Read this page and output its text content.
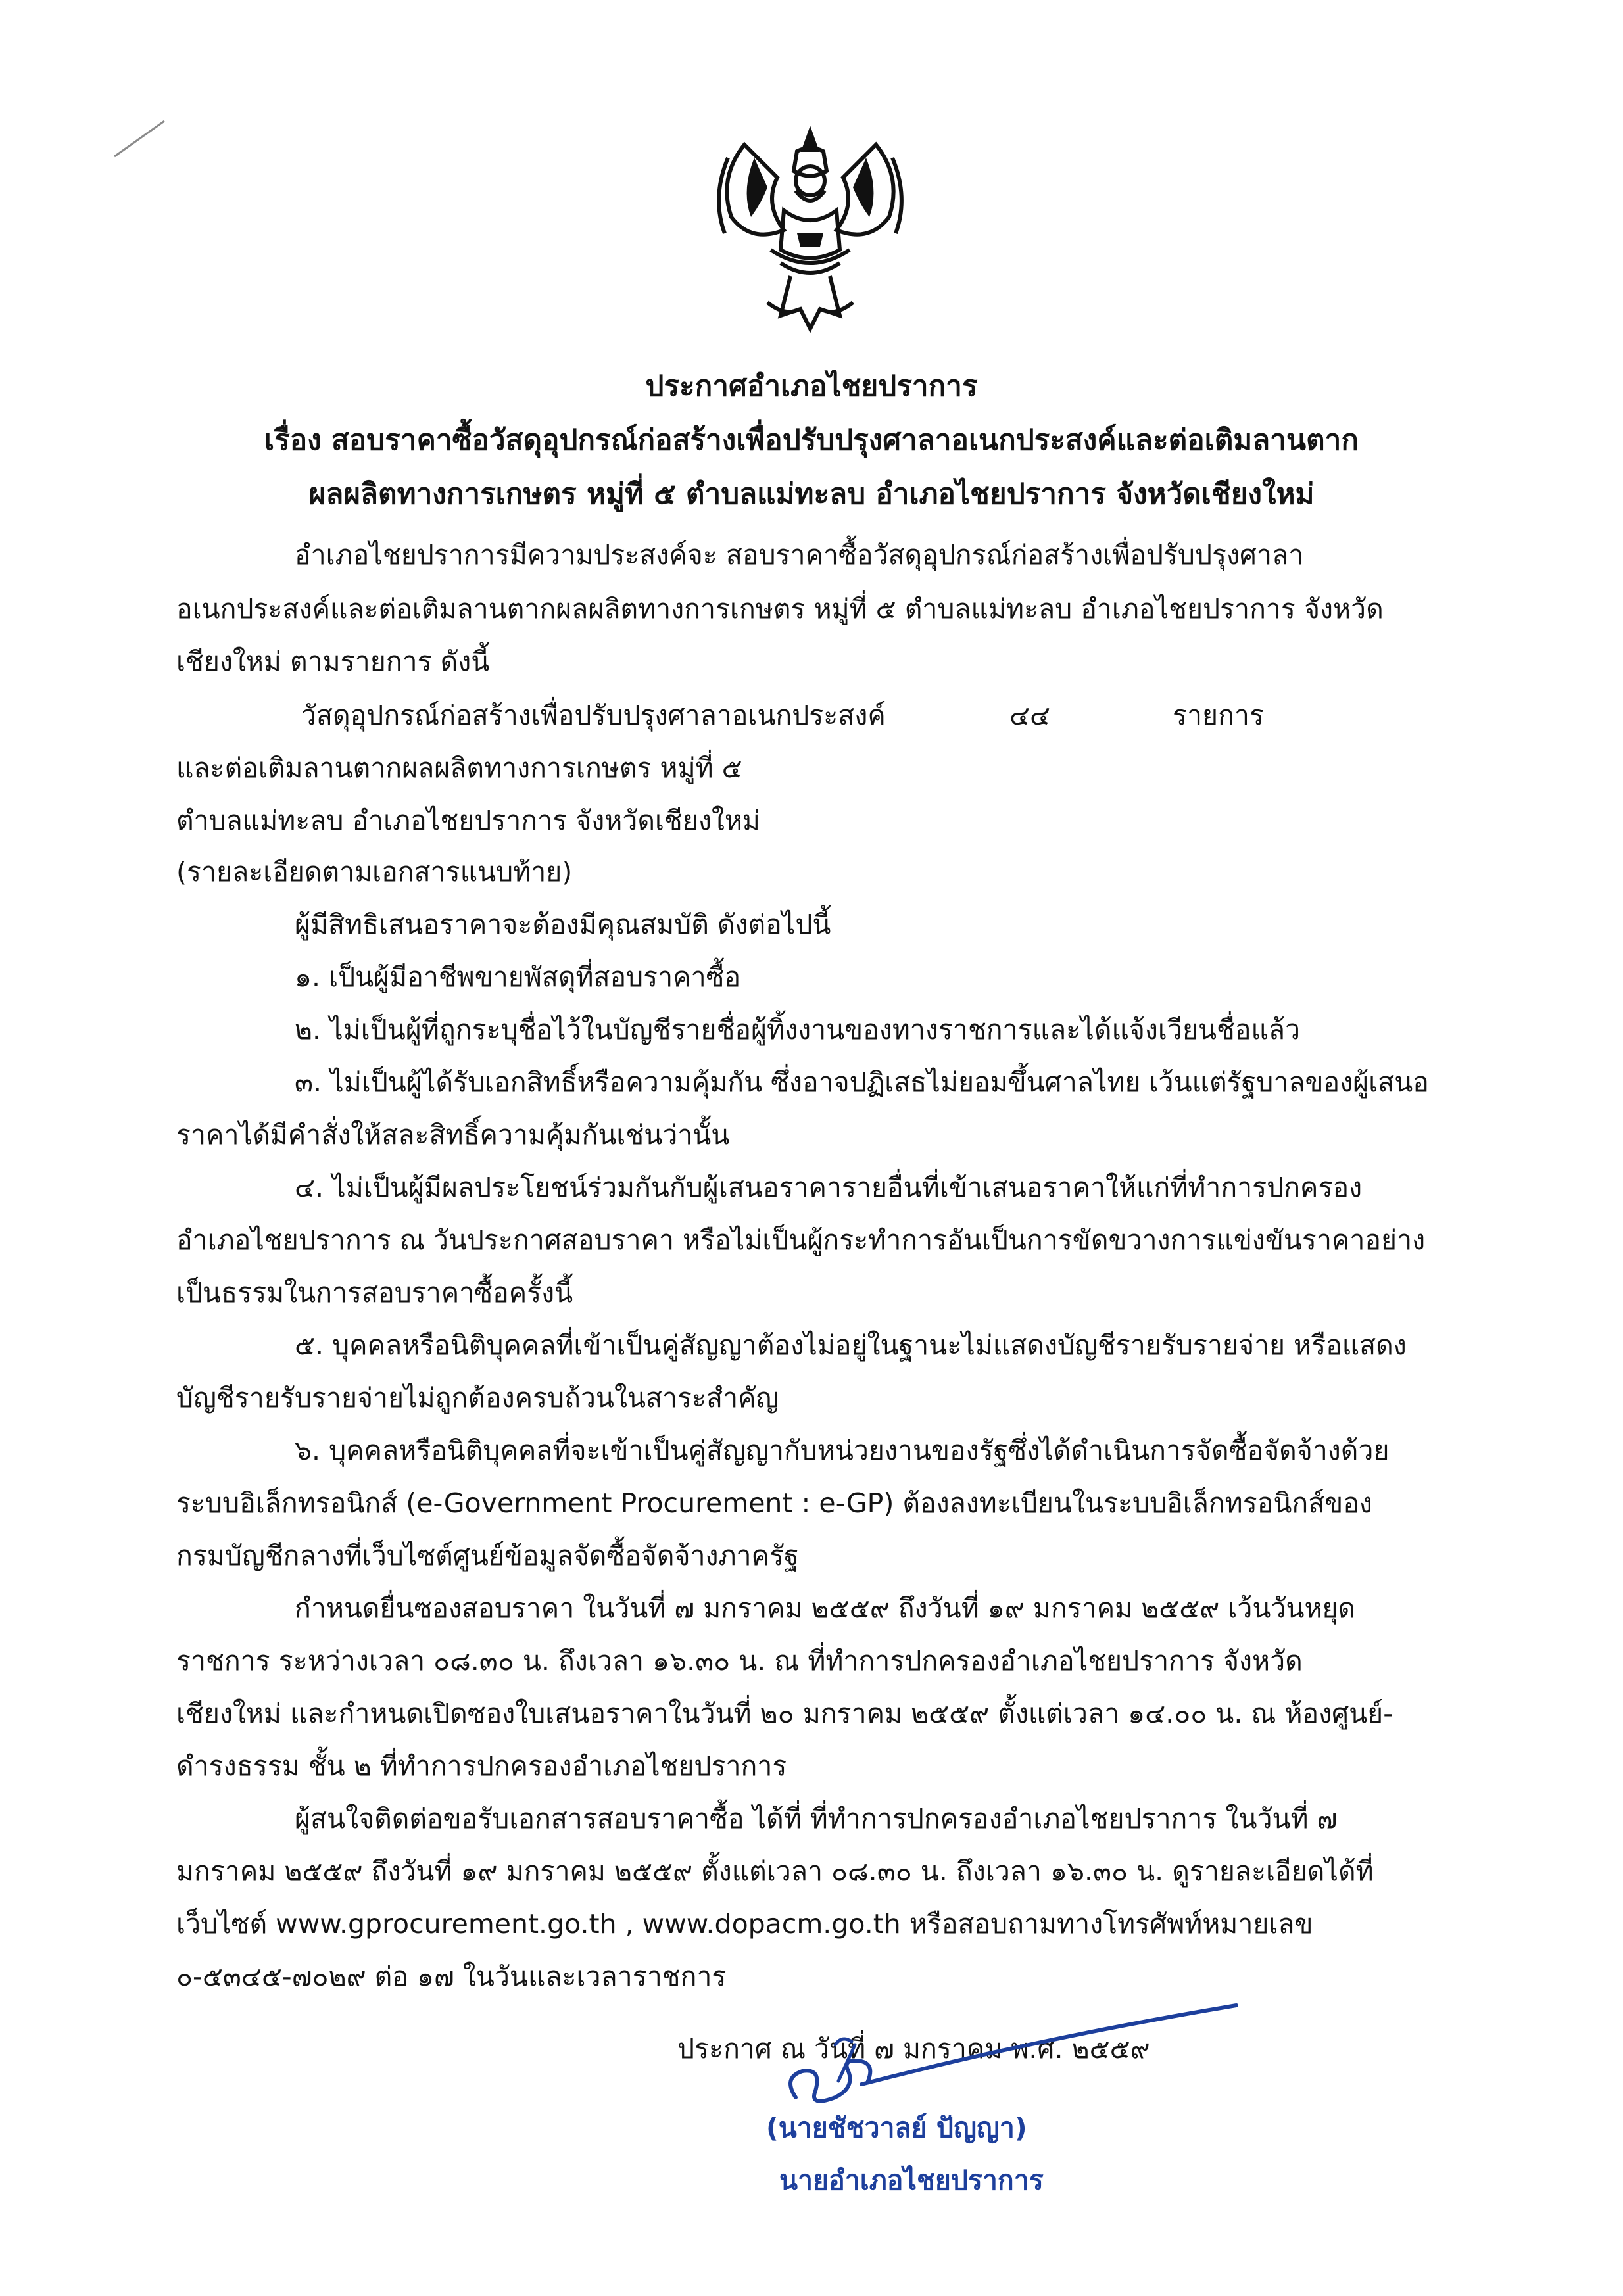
ประกาศอำเภอไชยปราการ
เรื่อง สอบราคาซื้อวัสดุอุปกรณ์ก่อสร้างเพื่อปรับปรุงศาลาอเนกประสงค์และต่อเติมลานตาก
ผลผลิตทางการเกษตร หมู่ที่ ๕ ตำบลแม่ทะลบ อำเภอไชยปราการ จังหวัดเชียงใหม่
อำเภอไชยปราการมีความประสงค์จะ สอบราคาซื้อวัสดุอุปกรณ์ก่อสร้างเพื่อปรับปรุงศาลา
อเนกประสงค์และต่อเติมลานตากผลผลิตทางการเกษตร หมู่ที่ ๕ ตำบลแม่ทะลบ อำเภอไชยปราการ จังหวัด
เชียงใหม่ ตามรายการ ดังนี้
วัสดุอุปกรณ์ก่อสร้างเพื่อปรับปรุงศาลาอเนกประสงค์	๔๔	รายการ
และต่อเติมลานตากผลผลิตทางการเกษตร หมู่ที่ ๕
ตำบลแม่ทะลบ อำเภอไชยปราการ จังหวัดเชียงใหม่
(รายละเอียดตามเอกสารแนบท้าย)
ผู้มีสิทธิเสนอราคาจะต้องมีคุณสมบัติ ดังต่อไปนี้
๑. เป็นผู้มีอาชีพขายพัสดุที่สอบราคาซื้อ
๒. ไม่เป็นผู้ที่ถูกระบุชื่อไว้ในบัญชีรายชื่อผู้ทิ้งงานของทางราชการและได้แจ้งเวียนชื่อแล้ว
๓. ไม่เป็นผู้ได้รับเอกสิทธิ์หรือความคุ้มกัน ซึ่งอาจปฏิเสธไม่ยอมขึ้นศาลไทย เว้นแต่รัฐบาลของผู้เสนอ
ราคาได้มีคำสั่งให้สละสิทธิ์ความคุ้มกันเช่นว่านั้น
๔. ไม่เป็นผู้มีผลประโยชน์ร่วมกันกับผู้เสนอราคารายอื่นที่เข้าเสนอราคาให้แก่ที่ทำการปกครอง
อำเภอไชยปราการ ณ วันประกาศสอบราคา หรือไม่เป็นผู้กระทำการอันเป็นการขัดขวางการแข่งขันราคาอย่าง
เป็นธรรมในการสอบราคาซื้อครั้งนี้
๕. บุคคลหรือนิติบุคคลที่เข้าเป็นคู่สัญญาต้องไม่อยู่ในฐานะไม่แสดงบัญชีรายรับรายจ่าย หรือแสดง
บัญชีรายรับรายจ่ายไม่ถูกต้องครบถ้วนในสาระสำคัญ
๖. บุคคลหรือนิติบุคคลที่จะเข้าเป็นคู่สัญญากับหน่วยงานของรัฐซึ่งได้ดำเนินการจัดซื้อจัดจ้างด้วย
ระบบอิเล็กทรอนิกส์ (e-Government Procurement : e-GP) ต้องลงทะเบียนในระบบอิเล็กทรอนิกส์ของ
กรมบัญชีกลางที่เว็บไซต์ศูนย์ข้อมูลจัดซื้อจัดจ้างภาครัฐ
กำหนดยื่นซองสอบราคา ในวันที่ ๗ มกราคม ๒๕๕๙ ถึงวันที่ ๑๙ มกราคม ๒๕๕๙ เว้นวันหยุด
ราชการ ระหว่างเวลา ๐๘.๓๐ น. ถึงเวลา ๑๖.๓๐ น. ณ ที่ทำการปกครองอำเภอไชยปราการ จังหวัด
เชียงใหม่ และกำหนดเปิดซองใบเสนอราคาในวันที่ ๒๐ มกราคม ๒๕๕๙ ตั้งแต่เวลา ๑๔.๐๐ น. ณ ห้องศูนย์-
ดำรงธรรม ชั้น ๒ ที่ทำการปกครองอำเภอไชยปราการ
ผู้สนใจติดต่อขอรับเอกสารสอบราคาซื้อ ได้ที่ ที่ทำการปกครองอำเภอไชยปราการ ในวันที่ ๗
มกราคม ๒๕๕๙ ถึงวันที่ ๑๙ มกราคม ๒๕๕๙ ตั้งแต่เวลา ๐๘.๓๐ น. ถึงเวลา ๑๖.๓๐ น. ดูรายละเอียดได้ที่
เว็บไซต์ www.gprocurement.go.th , www.dopacm.go.th หรือสอบถามทางโทรศัพท์หมายเลข
๐-๕๓๔๕-๗๐๒๙ ต่อ ๑๗ ในวันและเวลาราชการ
ประกาศ ณ วันที่ ๗ มกราคม พ.ศ. ๒๕๕๙
(นายชัชวาลย์ ปัญญา)
นายอำเภอไชยปราการ
